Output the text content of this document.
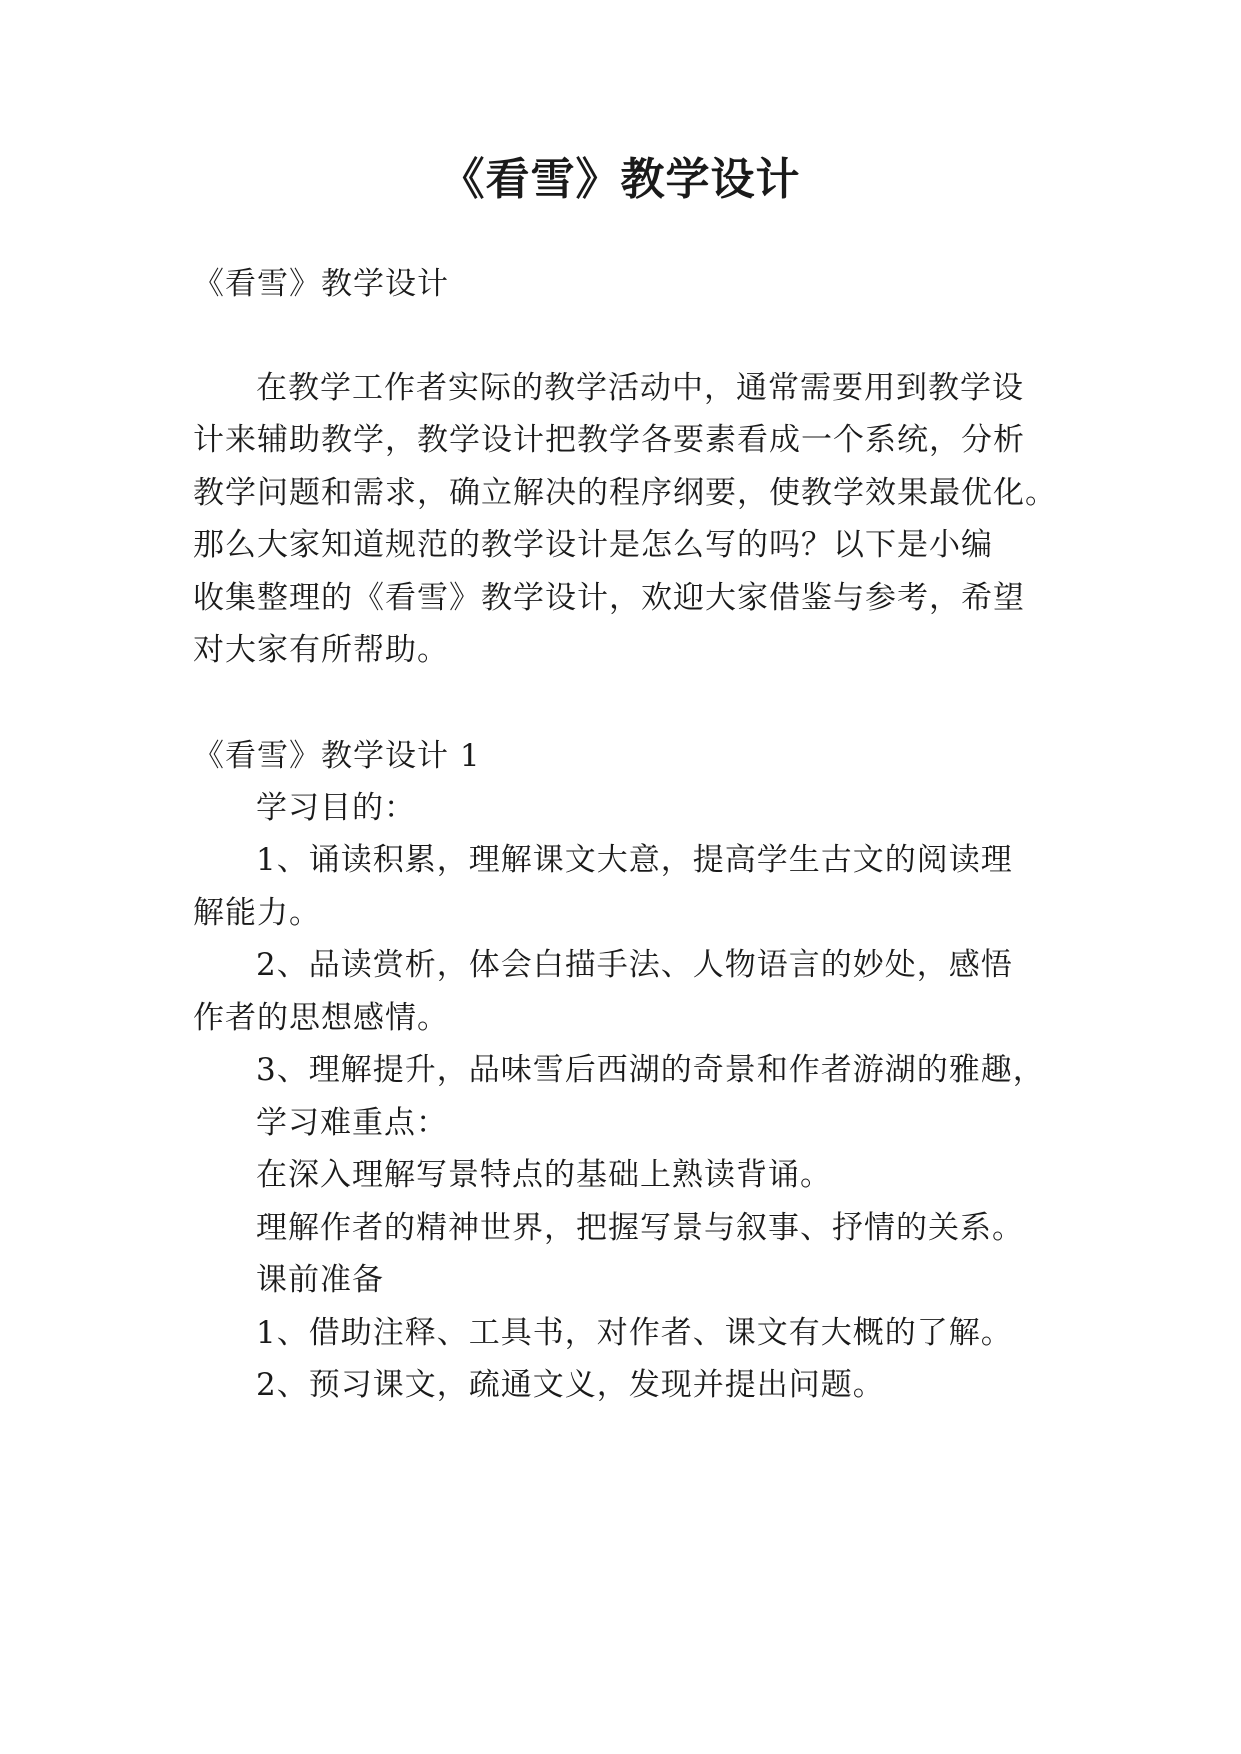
《看雪》教学设计
《看雪》教学设计
在教学工作者实际的教学活动中，通常需要用到教学设
计来辅助教学，教学设计把教学各要素看成一个系统，分析
教学问题和需求，确立解决的程序纲要，使教学效果最优化。
那么大家知道规范的教学设计是怎么写的吗？以下是小编
收集整理的《看雪》教学设计，欢迎大家借鉴与参考，希望
对大家有所帮助。
《看雪》教学设计 1
学习目的：
1、诵读积累，理解课文大意，提高学生古文的阅读理
解能力。
2、品读赏析，体会白描手法、人物语言的妙处，感悟
作者的思想感情。
3、理解提升，品味雪后西湖的奇景和作者游湖的雅趣，
学习难重点：
在深入理解写景特点的基础上熟读背诵。
理解作者的精神世界，把握写景与叙事、抒情的关系。
课前准备
1、借助注释、工具书，对作者、课文有大概的了解。
2、预习课文，疏通文义，发现并提出问题。
